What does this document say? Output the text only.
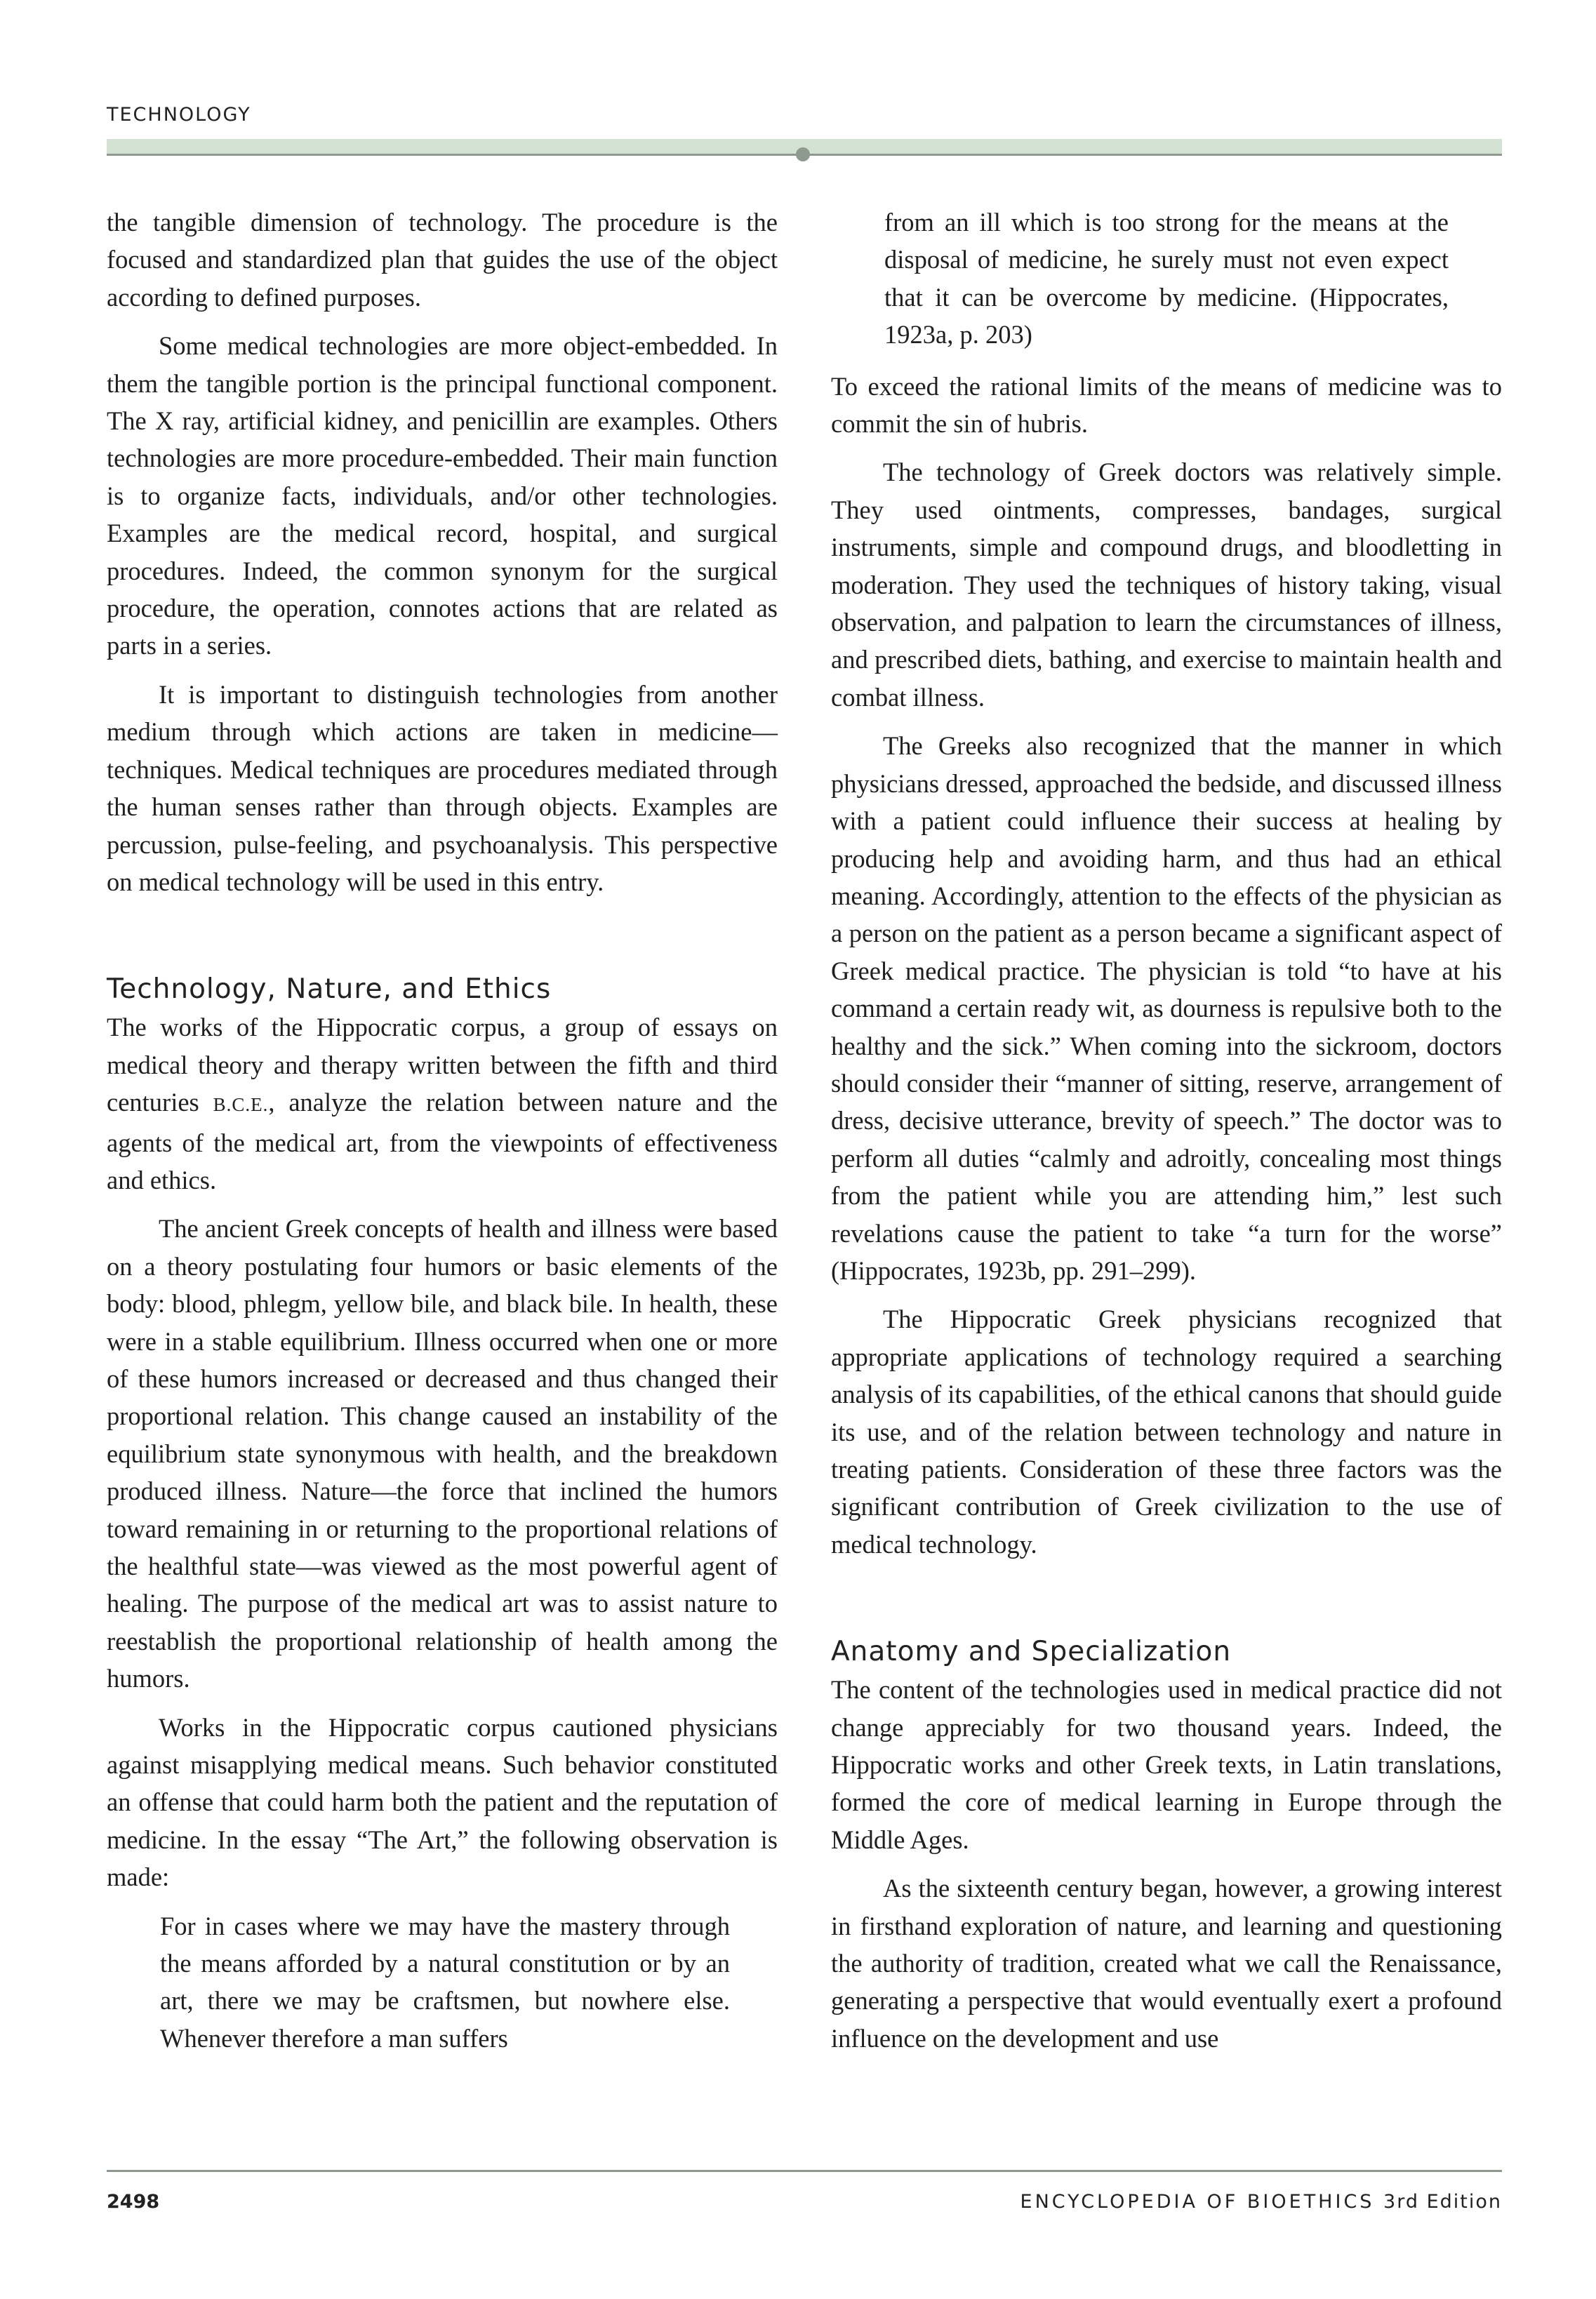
TECHNOLOGY

the tangible dimension of technology. The procedure is the focused and standardized plan that guides the use of the object according to defined purposes.

Some medical technologies are more object-embedded. In them the tangible portion is the principal functional component. The X ray, artificial kidney, and penicillin are examples. Others technologies are more procedure-embedded. Their main function is to organize facts, individuals, and/or other technologies. Examples are the medical record, hospital, and surgical procedures. Indeed, the common synonym for the surgical procedure, the operation, connotes actions that are related as parts in a series.

It is important to distinguish technologies from another medium through which actions are taken in medicine—techniques. Medical techniques are procedures mediated through the human senses rather than through objects. Examples are percussion, pulse-feeling, and psychoanalysis. This perspective on medical technology will be used in this entry.

Technology, Nature, and Ethics

The works of the Hippocratic corpus, a group of essays on medical theory and therapy written between the fifth and third centuries B.C.E., analyze the relation between nature and the agents of the medical art, from the viewpoints of effectiveness and ethics.

The ancient Greek concepts of health and illness were based on a theory postulating four humors or basic elements of the body: blood, phlegm, yellow bile, and black bile. In health, these were in a stable equilibrium. Illness occurred when one or more of these humors increased or decreased and thus changed their proportional relation. This change caused an instability of the equilibrium state synonymous with health, and the breakdown produced illness. Nature—the force that inclined the humors toward remaining in or returning to the proportional relations of the healthful state—was viewed as the most powerful agent of healing. The purpose of the medical art was to assist nature to reestablish the proportional relationship of health among the humors.

Works in the Hippocratic corpus cautioned physicians against misapplying medical means. Such behavior constituted an offense that could harm both the patient and the reputation of medicine. In the essay “The Art,” the following observation is made:

For in cases where we may have the mastery through the means afforded by a natural constitution or by an art, there we may be craftsmen, but nowhere else. Whenever therefore a man suffers
from an ill which is too strong for the means at the disposal of medicine, he surely must not even expect that it can be overcome by medicine. (Hippocrates, 1923a, p. 203)

To exceed the rational limits of the means of medicine was to commit the sin of hubris.

The technology of Greek doctors was relatively simple. They used ointments, compresses, bandages, surgical instruments, simple and compound drugs, and bloodletting in moderation. They used the techniques of history taking, visual observation, and palpation to learn the circumstances of illness, and prescribed diets, bathing, and exercise to maintain health and combat illness.

The Greeks also recognized that the manner in which physicians dressed, approached the bedside, and discussed illness with a patient could influence their success at healing by producing help and avoiding harm, and thus had an ethical meaning. Accordingly, attention to the effects of the physician as a person on the patient as a person became a significant aspect of Greek medical practice. The physician is told “to have at his command a certain ready wit, as dourness is repulsive both to the healthy and the sick.” When coming into the sickroom, doctors should consider their “manner of sitting, reserve, arrangement of dress, decisive utterance, brevity of speech.” The doctor was to perform all duties “calmly and adroitly, concealing most things from the patient while you are attending him,” lest such revelations cause the patient to take “a turn for the worse” (Hippocrates, 1923b, pp. 291–299).

The Hippocratic Greek physicians recognized that appropriate applications of technology required a searching analysis of its capabilities, of the ethical canons that should guide its use, and of the relation between technology and nature in treating patients. Consideration of these three factors was the significant contribution of Greek civilization to the use of medical technology.

Anatomy and Specialization

The content of the technologies used in medical practice did not change appreciably for two thousand years. Indeed, the Hippocratic works and other Greek texts, in Latin translations, formed the core of medical learning in Europe through the Middle Ages.

As the sixteenth century began, however, a growing interest in firsthand exploration of nature, and learning and questioning the authority of tradition, created what we call the Renaissance, generating a perspective that would eventually exert a profound influence on the development and use

2498	ENCYCLOPEDIA OF BIOETHICS 3rd Edition
